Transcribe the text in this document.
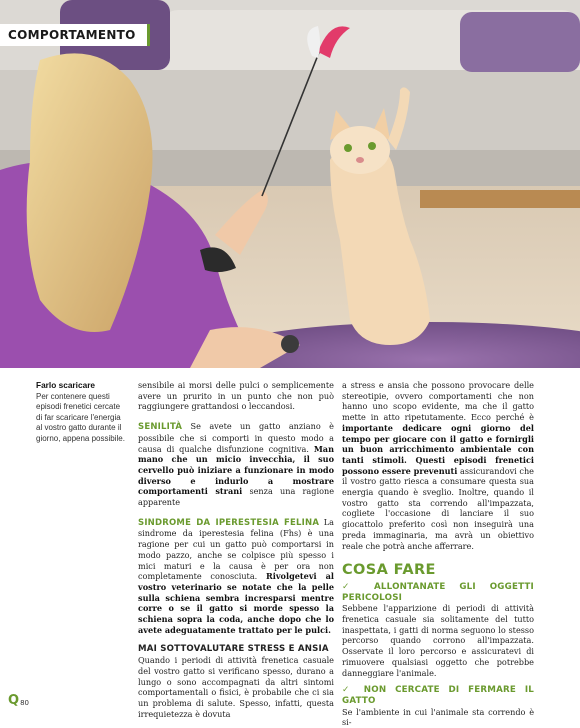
COMPORTAMENTO
Farlo scaricare
Per contenere questi episodi frenetici cercate di far scaricare l'energia al vostro gatto durante il giorno, appena possibile.

sensibile ai morsi delle pulci o semplicemente avere un prurito in un punto che non può raggiungere grattandosi o leccandosi.

SENILITÀ Se avete un gatto anziano è possibile che si comporti in questo modo a causa di qualche disfunzione cognitiva. Man mano che un micio invecchia, il suo cervello può iniziare a funzionare in modo diverso e indurlo a mostrare comportamenti strani senza una ragione apparente

SINDROME DA IPERESTESIA FELINA La sindrome da iperestesia felina (Fhs) è una ragione per cui un gatto può comportarsi in modo pazzo, anche se colpisce più spesso i mici maturi e la causa è per ora non completamente conosciuta. Rivolgetevi al vostro veterinario se notate che la pelle sulla schiena sembra incresparsi mentre corre o se il gatto si morde spesso la schiena sopra la coda, anche dopo che lo avete adeguatamente trattato per le pulci.

MAI SOTTOVALUTARE STRESS E ANSIA
Quando i periodi di attività frenetica casuale del vostro gatto si verificano spesso, durano a lungo o sono accompagnati da altri sintomi comportamentali o fisici, è probabile che ci sia un problema di salute. Spesso, infatti, questa irrequietezza è dovuta

a stress e ansia che possono provocare delle stereotipie, ovvero comportamenti che non hanno uno scopo evidente, ma che il gatto mette in atto ripetutamente. Ecco perché è importante dedicare ogni giorno del tempo per giocare con il gatto e fornirgli un buon arricchimento ambientale con tanti stimoli. Questi episodi frenetici possono essere prevenuti assicurandovi che il vostro gatto riesca a consumare questa sua energia quando è sveglio. Inoltre, quando il vostro gatto sta correndo all'impazzata, cogliete l'occasione di lanciare il suo giocattolo preferito così non inseguirà una preda immaginaria, ma avrà un obiettivo reale che potrà anche afferrare.

COSA FARE
✓ ALLONTANATE GLI OGGETTI PERICOLOSI

Sebbene l'apparizione di periodi di attività frenetica casuale sia solitamente del tutto inaspettata, i gatti di norma seguono lo stesso percorso quando corrono all'impazzata. Osservate il loro percorso e assicuratevi di rimuovere qualsiasi oggetto che potrebbe danneggiare l'animale.

✓ NON CERCATE DI FERMARE IL GATTO

Se l'ambiente in cui l'animale sta correndo è si-

Q 80
